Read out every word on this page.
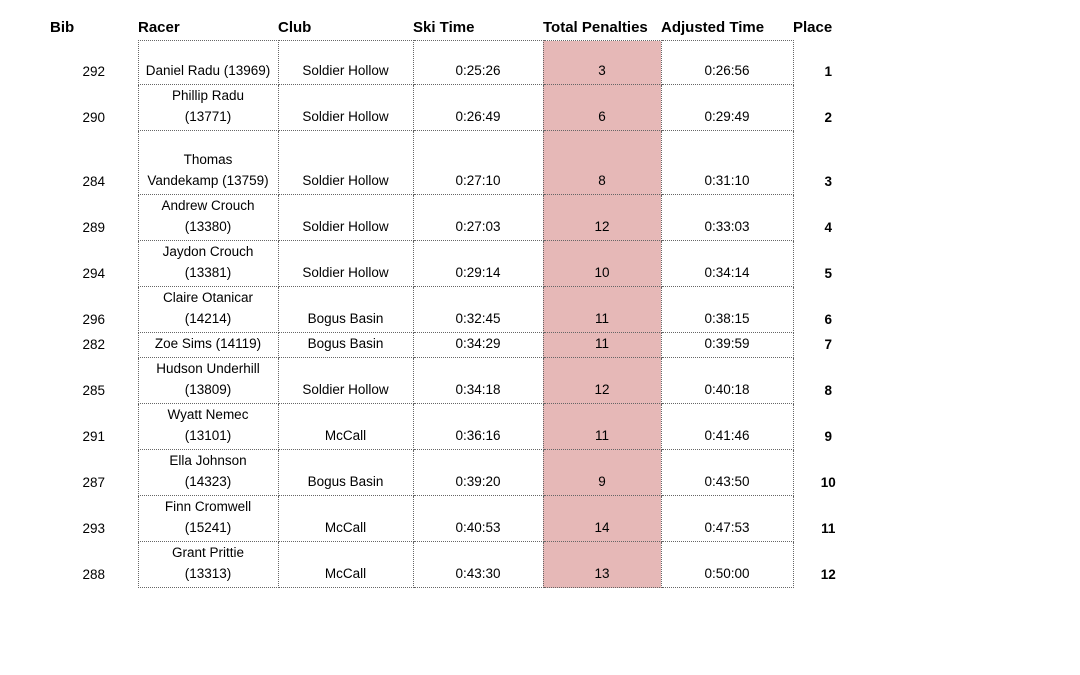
Bib	Racer	Club	Ski Time	Total Penalties	Adjusted Time	Place
292	Daniel Radu (13969)	Soldier Hollow	0:25:26	3	0:26:56	1
290	Phillip Radu
(13771)	Soldier Hollow	0:26:49	6	0:29:49	2
284	Thomas
Vandekamp (13759)	Soldier Hollow	0:27:10	8	0:31:10	3
289	Andrew Crouch
(13380)	Soldier Hollow	0:27:03	12	0:33:03	4
294	Jaydon Crouch
(13381)	Soldier Hollow	0:29:14	10	0:34:14	5
296	Claire Otanicar
(14214)	Bogus Basin	0:32:45	11	0:38:15	6
282	Zoe Sims (14119)	Bogus Basin	0:34:29	11	0:39:59	7
285	Hudson Underhill
(13809)	Soldier Hollow	0:34:18	12	0:40:18	8
291	Wyatt Nemec
(13101)	McCall	0:36:16	11	0:41:46	9
287	Ella Johnson
(14323)	Bogus Basin	0:39:20	9	0:43:50	10
293	Finn Cromwell
(15241)	McCall	0:40:53	14	0:47:53	11
288	Grant Prittie
(13313)	McCall	0:43:30	13	0:50:00	12
